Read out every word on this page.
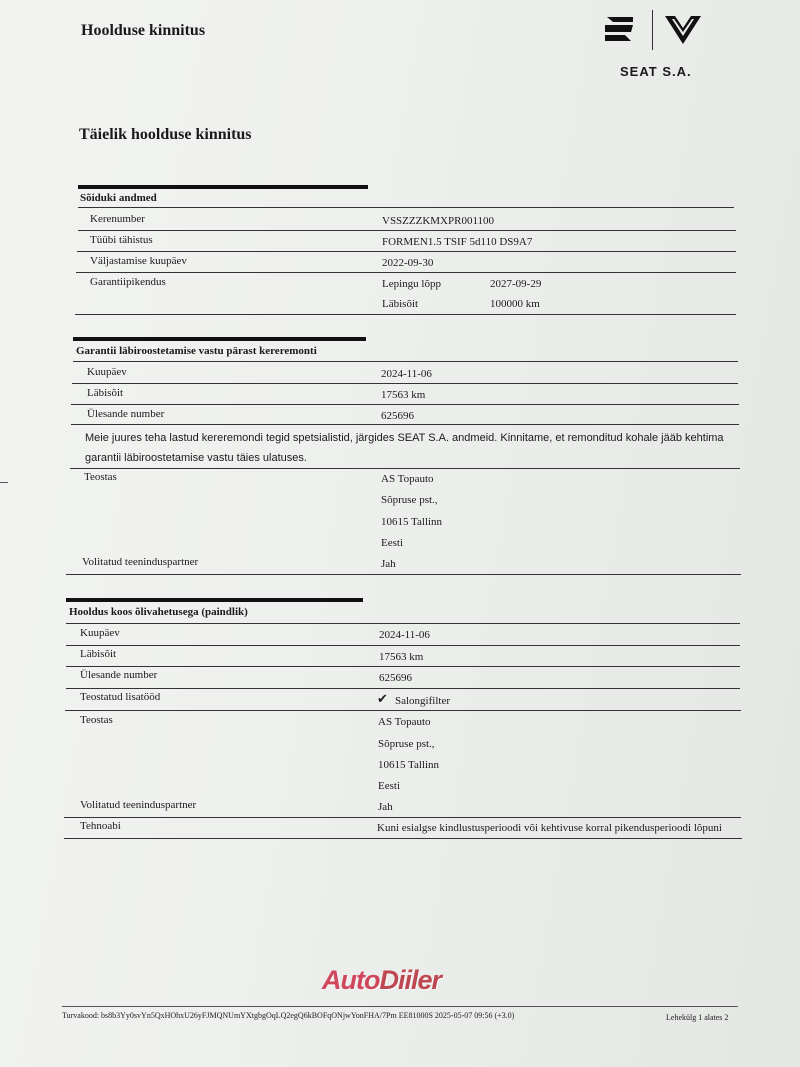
Hoolduse kinnitus
SEAT S.A.
Täielik hoolduse kinnitus
Sõiduki andmed
Kerenumber	VSSZZZKMXPR001100
Tüübi tähistus	FORMEN1.5 TSIF 5d110 DS9A7
Väljastamise kuupäev	2022-09-30
Garantiipikendus	Lepingu lõpp	2027-09-29
Läbisõit	100000 km
Garantii läbiroostetamise vastu pärast kereremonti
Kuupäev	2024-11-06
Läbisõit	17563 km
Ülesande number	625696
Meie juures teha lastud kereremondi tegid spetsialistid, järgides SEAT S.A. andmeid. Kinnitame, et remonditud kohale jääb kehtima garantii läbiroostetamise vastu täies ulatuses.
Teostas	AS Topauto
Sõpruse pst.,
10615 Tallinn
Eesti
Volitatud teeninduspartner	Jah
Hooldus koos õlivahetusega (paindlik)
Kuupäev	2024-11-06
Läbisõit	17563 km
Ülesande number	625696
Teostatud lisatööd	✔ Salongifilter
Teostas	AS Topauto
Sõpruse pst.,
10615 Tallinn
Eesti
Volitatud teeninduspartner	Jah
Tehnoabi	Kuni esialgse kindlustusperioodi või kehtivuse korral pikendusperioodi lõpuni
AutoDiiler
Turvakood: bs8b3Yy0svYn5QxHOhxU26yFJMQNUmYXtgbgOqLQ2egQ6kBOFqONjwYonFHA/7Pm EE81000S 2025-05-07 09:56 (+3.0)	Lehekülg 1 alates 2
